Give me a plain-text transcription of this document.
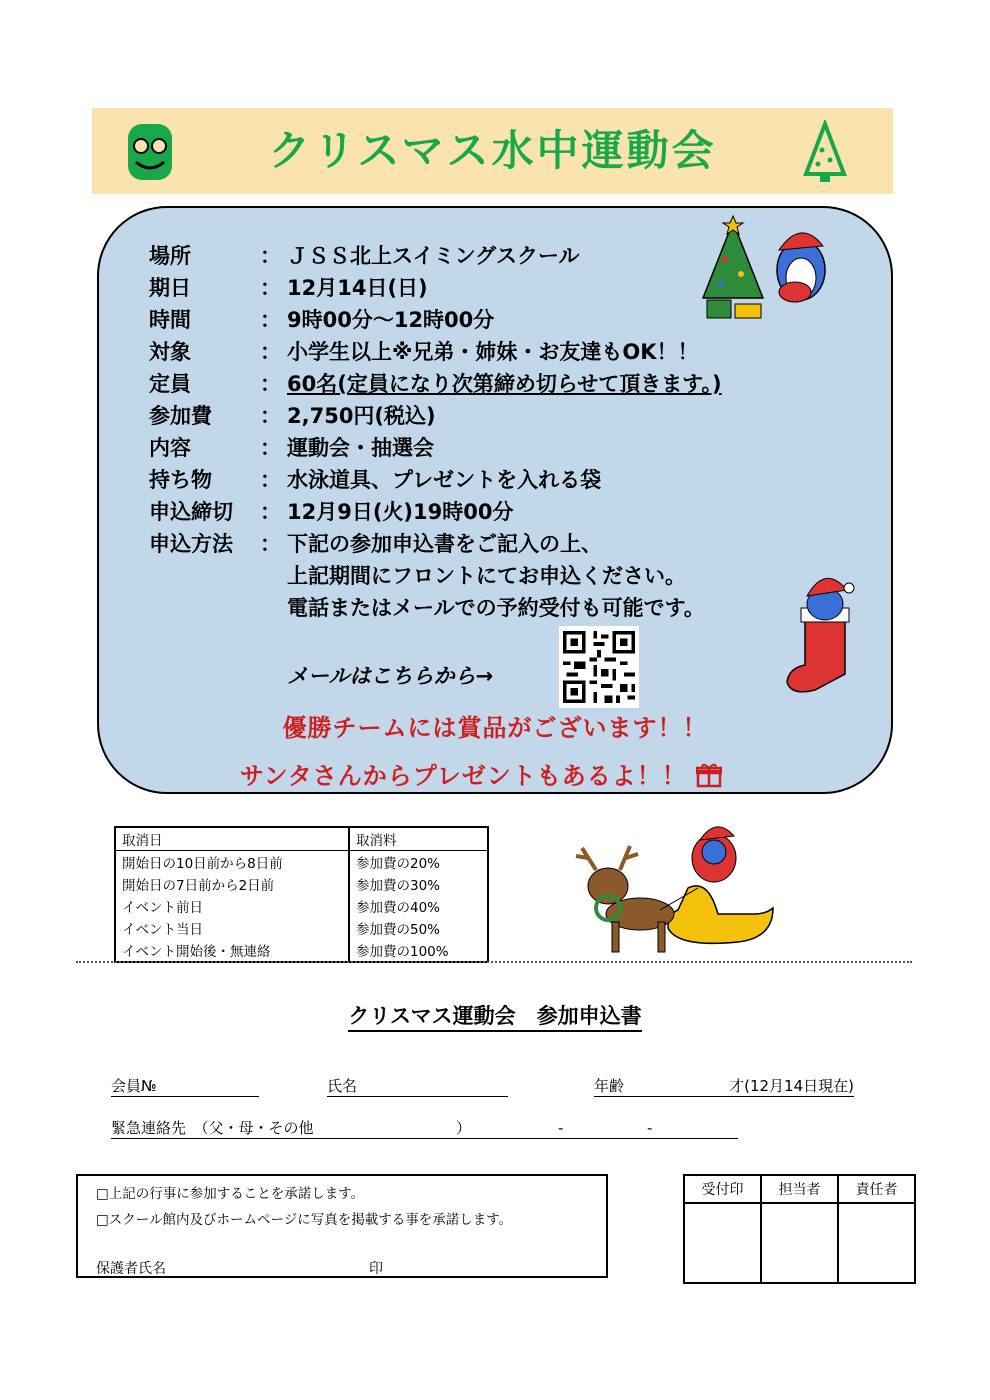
クリスマス水中運動会
場所	： ＪＳＳ北上スイミングスクール
期日	： 12月14日(日)
時間	： 9時00分～12時00分
対象	： 小学生以上※兄弟・姉妹・お友達もOK！！
定員	： 60名(定員になり次第締め切らせて頂きます。)
参加費 ： 2,750円(税込)
内容	： 運動会・抽選会
持ち物 ： 水泳道具、プレゼントを入れる袋
申込締切 ： 12月9日(火)19時00分
申込方法 ： 下記の参加申込書をご記入の上、
上記期間にフロントにてお申込ください。
電話またはメールでの予約受付も可能です。
メールはこちらから→
優勝チームには賞品がございます！！
サンタさんからプレゼントもあるよ！！
取消日	取消料
開始日の10日前から8日前	参加費の20%
開始日の7日前から2日前	参加費の30%
イベント前日	参加費の40%
イベント当日	参加費の50%
イベント開始後・無連絡	参加費の100%
クリスマス運動会　参加申込書
会員№	氏名	年齢	才(12月14日現在)
緊急連絡先　（父・母・その他	）	-	-
□上記の行事に参加することを承諾します。
□スクール館内及びホームページに写真を掲載する事を承諾します。
保護者氏名	印
受付印	担当者	責任者
